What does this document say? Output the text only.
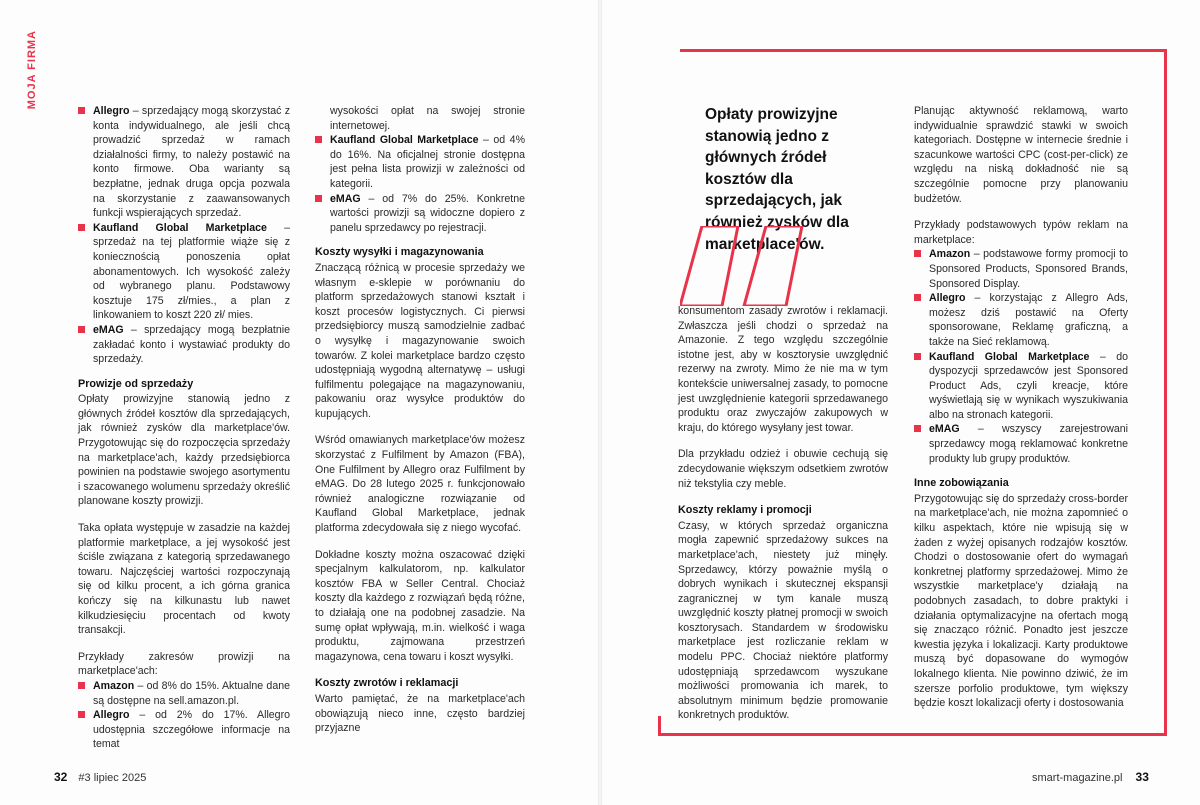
MOJA FIRMA
Allegro – sprzedający mogą skorzystać z konta indywidualnego, ale jeśli chcą prowadzić sprzedaż w ramach działalności firmy, to należy postawić na konto firmowe. Oba warianty są bezpłatne, jednak druga opcja pozwala na skorzystanie z zaawansowanych funkcji wspierających sprzedaż.
Kaufland Global Marketplace – sprzedaż na tej platformie wiąże się z koniecznością ponoszenia opłat abonamentowych. Ich wysokość zależy od wybranego planu. Podstawowy kosztuje 175 zł/mies., a plan z linkowaniem to koszt 220 zł/ mies.
eMAG – sprzedający mogą bezpłatnie zakładać konto i wystawiać produkty do sprzedaży.
Prowizje od sprzedaży

Opłaty prowizyjne stanowią jedno z głównych źródeł kosztów dla sprzedających, jak również zysków dla marketplace'ów. Przygotowując się do rozpoczęcia sprzedaży na marketplace'ach, każdy przedsiębiorca powinien na podstawie swojego asortymentu i szacowanego wolumenu sprzedaży określić planowane koszty prowizji.

Taka opłata występuje w zasadzie na każdej platformie marketplace, a jej wysokość jest ściśle związana z kategorią sprzedawanego towaru. Najczęściej wartości rozpoczynają się od kilku procent, a ich górna granica kończy się na kilkunastu lub nawet kilkudziesięciu procentach od kwoty transakcji.

Przykłady zakresów prowizji na marketplace'ach:

Amazon – od 8% do 15%. Aktualne dane są dostępne na sell.amazon.pl.
Allegro – od 2% do 17%. Allegro udostępnia szczegółowe informacje na temat

wysokości opłat na swojej stronie internetowej.

Kaufland Global Marketplace – od 4% do 16%. Na oficjalnej stronie dostępna jest pełna lista prowizji w zależności od kategorii.
eMAG – od 7% do 25%. Konkretne wartości prowizji są widoczne dopiero z panelu sprzedawcy po rejestracji.
Koszty wysyłki i magazynowania

Znaczącą różnicą w procesie sprzedaży we własnym e-sklepie w porównaniu do platform sprzedażowych stanowi kształt i koszt procesów logistycznych. Ci pierwsi przedsiębiorcy muszą samodzielnie zadbać o wysyłkę i magazynowanie swoich towarów. Z kolei marketplace bardzo często udostępniają wygodną alternatywę – usługi fulfilmentu polegające na magazynowaniu, pakowaniu oraz wysyłce produktów do kupujących.

Wśród omawianych marketplace'ów możesz skorzystać z Fulfilment by Amazon (FBA), One Fulfilment by Allegro oraz Fulfilment by eMAG. Do 28 lutego 2025 r. funkcjonowało również analogiczne rozwiązanie od Kaufland Global Marketplace, jednak platforma zdecydowała się z niego wycofać.

Dokładne koszty można oszacować dzięki specjalnym kalkulatorom, np. kalkulator kosztów FBA w Seller Central. Chociaż koszty dla każdego z rozwiązań będą różne, to działają one na podobnej zasadzie. Na sumę opłat wpływają, m.in. wielkość i waga produktu, zajmowana przestrzeń magazynowa, cena towaru i koszt wysyłki.

Koszty zwrotów i reklamacji

Warto pamiętać, że na marketplace'ach obowiązują nieco inne, często bardziej przyjazne

Opłaty prowizyjne stanowią jedno z głównych źródeł kosztów dla sprzedających, jak również zysków dla marketplace'ów.

konsumentom zasady zwrotów i reklamacji. Zwłaszcza jeśli chodzi o sprzedaż na Amazonie. Z tego względu szczególnie istotne jest, aby w kosztorysie uwzględnić rezerwy na zwroty. Mimo że nie ma w tym kontekście uniwersalnej zasady, to pomocne jest uwzględnienie kategorii sprzedawanego produktu oraz zwyczajów zakupowych w kraju, do którego wysyłany jest towar.

Dla przykładu odzież i obuwie cechują się zdecydowanie większym odsetkiem zwrotów niż tekstylia czy meble.

Koszty reklamy i promocji

Czasy, w których sprzedaż organiczna mogła zapewnić sprzedażowy sukces na marketplace'ach, niestety już minęły. Sprzedawcy, którzy poważnie myślą o dobrych wynikach i skutecznej ekspansji zagranicznej w tym kanale muszą uwzględnić koszty płatnej promocji w swoich kosztorysach. Standardem w środowisku marketplace jest rozliczanie reklam w modelu PPC. Chociaż niektóre platformy udostępniają sprzedawcom wyszukane możliwości promowania ich marek, to absolutnym minimum będzie promowanie konkretnych produktów.

Planując aktywność reklamową, warto indywidualnie sprawdzić stawki w swoich kategoriach. Dostępne w internecie średnie i szacunkowe wartości CPC (cost-per-click) ze względu na niską dokładność nie są szczególnie pomocne przy planowaniu budżetów.

Przykłady podstawowych typów reklam na marketplace:

Amazon – podstawowe formy promocji to Sponsored Products, Sponsored Brands, Sponsored Display.
Allegro – korzystając z Allegro Ads, możesz dziś postawić na Oferty sponsorowane, Reklamę graficzną, a także na Sieć reklamową.
Kaufland Global Marketplace – do dyspozycji sprzedawców jest Sponsored Product Ads, czyli kreacje, które wyświetlają się w wynikach wyszukiwania albo na stronach kategorii.
eMAG – wszyscy zarejestrowani sprzedawcy mogą reklamować konkretne produkty lub grupy produktów.
Inne zobowiązania

Przygotowując się do sprzedaży cross-border na marketplace'ach, nie można zapomnieć o kilku aspektach, które nie wpisują się w żaden z wyżej opisanych rodzajów kosztów. Chodzi o dostosowanie ofert do wymagań konkretnej platformy sprzedażowej. Mimo że wszystkie marketplace'y działają na podobnych zasadach, to dobre praktyki i działania optymalizacyjne na ofertach mogą się znacząco różnić. Ponadto jest jeszcze kwestia języka i lokalizacji. Karty produktowe muszą być dopasowane do wymogów lokalnego klienta. Nie powinno dziwić, że im szersze porfolio produktowe, tym większy będzie koszt lokalizacji oferty i dostosowania

32 #3 lipiec 2025	smart-magazine.pl 33
